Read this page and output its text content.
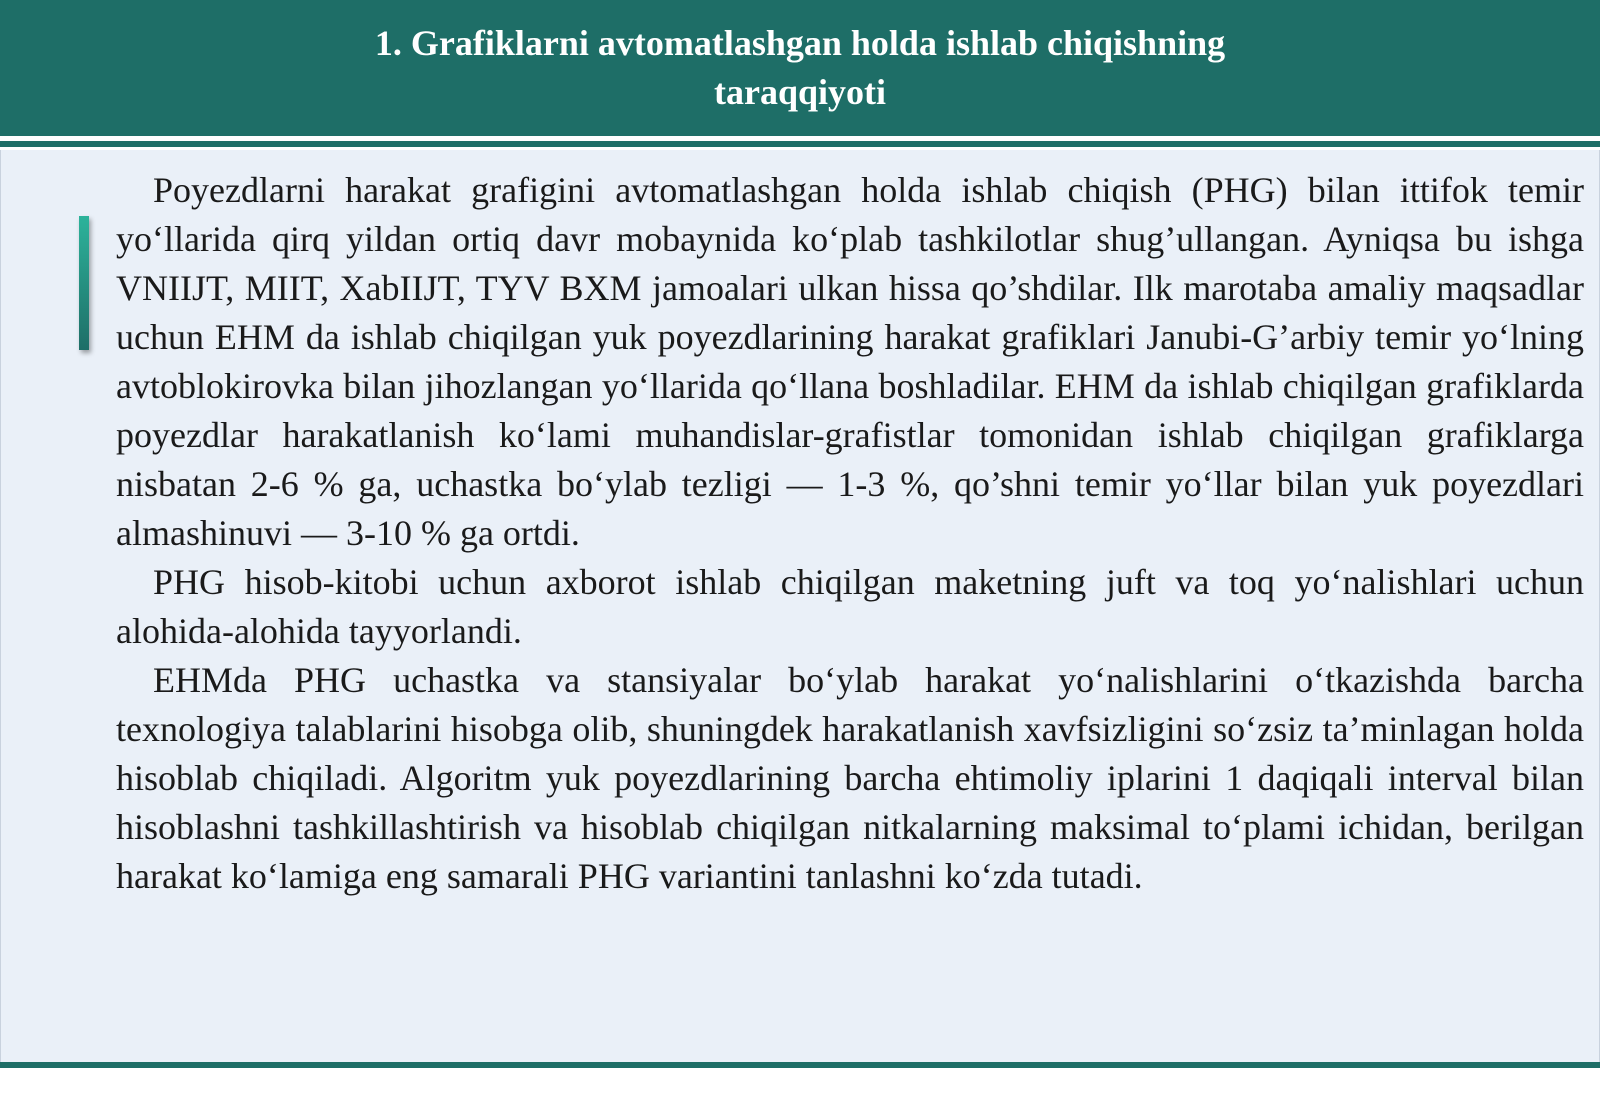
1. Grafiklarni avtomatlashgan holda ishlab chiqishning taraqqiyoti

Poyezdlarni harakat grafigini avtomatlashgan holda ishlab chiqish (PHG) bilan ittifok temir yo‘llarida qirq yildan ortiq davr mobaynida ko‘plab tashkilotlar shug’ullangan. Ayniqsa bu ishga VNIIJT, MIIT, XabIIJT, TYV BXM jamoalari ulkan hissa qo’shdilar. Ilk marotaba amaliy maqsadlar uchun EHM da ishlab chiqilgan yuk poyezdlarining harakat grafiklari Janubi-G’arbiy temir yo‘lning avtoblokirovka bilan jihozlangan yo‘llarida qo‘llana boshladilar. EHM da ishlab chiqilgan grafiklarda poyezdlar harakatlanish ko‘lami muhandislar-grafistlar tomonidan ishlab chiqilgan grafiklarga nisbatan 2-6 % ga, uchastka bo‘ylab tezligi — 1-3 %, qo’shni temir yo‘llar bilan yuk poyezdlari almashinuvi — 3-10 % ga ortdi.

PHG hisob-kitobi uchun axborot ishlab chiqilgan maketning juft va toq yo‘nalishlari uchun alohida-alohida tayyorlandi.

EHMda PHG uchastka va stansiyalar bo‘ylab harakat yo‘nalishlarini o‘tkazishda barcha texnologiya talablarini hisobga olib, shuningdek harakatlanish xavfsizligini so‘zsiz ta’minlagan holda hisoblab chiqiladi. Algoritm yuk poyezdlarining barcha ehtimoliy iplarini 1 daqiqali interval bilan hisoblashni tashkillashtirish va hisoblab chiqilgan nitkalarning maksimal to‘plami ichidan, berilgan harakat ko‘lamiga eng samarali PHG variantini tanlashni ko‘zda tutadi.
